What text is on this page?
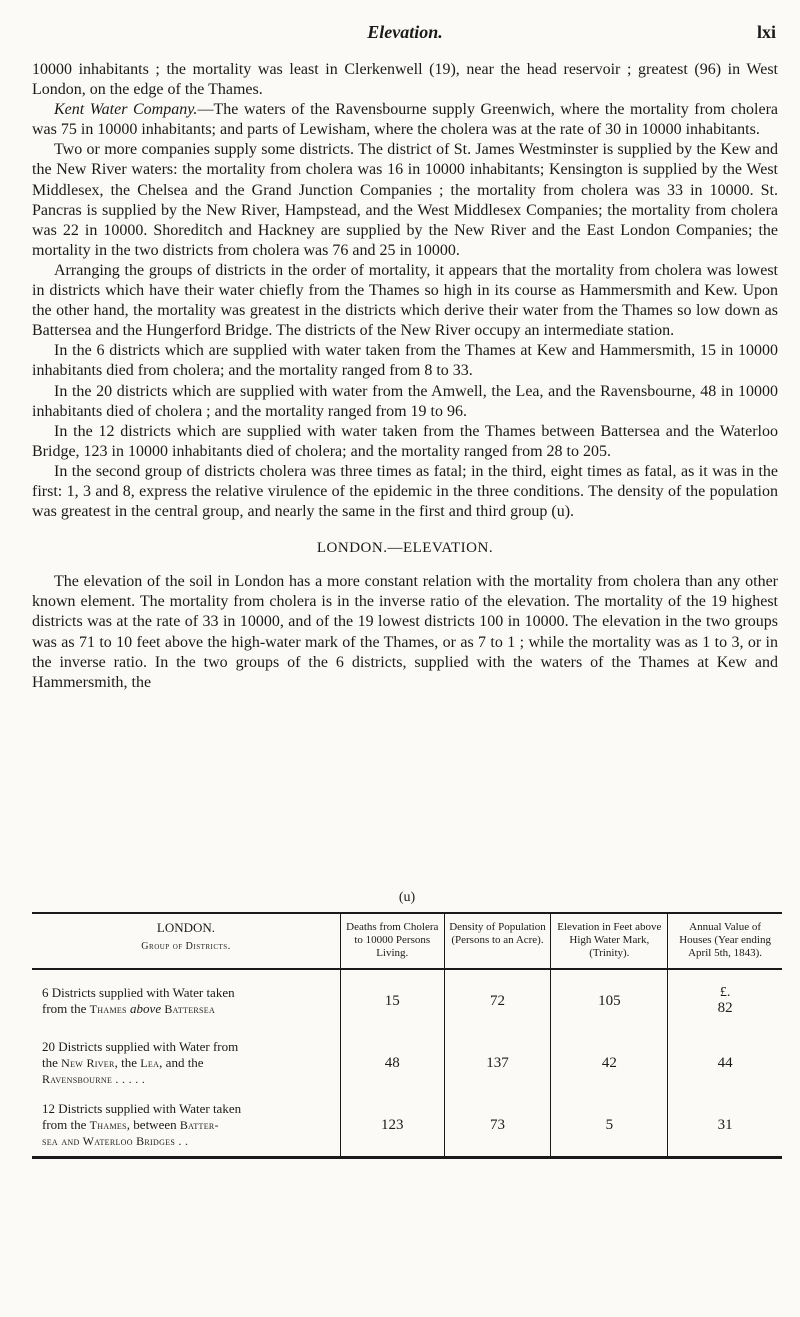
Elevation.	lxi

10000 inhabitants ; the mortality was least in Clerkenwell (19), near the head reservoir ; greatest (96) in West London, on the edge of the Thames.

Kent Water Company.—The waters of the Ravensbourne supply Greenwich, where the mortality from cholera was 75 in 10000 inhabitants; and parts of Lewisham, where the cholera was at the rate of 30 in 10000 inhabitants.

Two or more companies supply some districts. The district of St. James Westminster is supplied by the Kew and the New River waters: the mortality from cholera was 16 in 10000 inhabitants; Kensington is supplied by the West Middlesex, the Chelsea and the Grand Junction Companies ; the mortality from cholera was 33 in 10000. St. Pancras is supplied by the New River, Hampstead, and the West Middlesex Companies; the mortality from cholera was 22 in 10000. Shoreditch and Hackney are supplied by the New River and the East London Companies; the mortality in the two districts from cholera was 76 and 25 in 10000.

Arranging the groups of districts in the order of mortality, it appears that the mortality from cholera was lowest in districts which have their water chiefly from the Thames so high in its course as Hammersmith and Kew. Upon the other hand, the mortality was greatest in the districts which derive their water from the Thames so low down as Battersea and the Hungerford Bridge. The districts of the New River occupy an intermediate station.

In the 6 districts which are supplied with water taken from the Thames at Kew and Hammersmith, 15 in 10000 inhabitants died from cholera; and the mortality ranged from 8 to 33.

In the 20 districts which are supplied with water from the Amwell, the Lea, and the Ravensbourne, 48 in 10000 inhabitants died of cholera ; and the mortality ranged from 19 to 96.

In the 12 districts which are supplied with water taken from the Thames between Battersea and the Waterloo Bridge, 123 in 10000 inhabitants died of cholera; and the mortality ranged from 28 to 205.

In the second group of districts cholera was three times as fatal; in the third, eight times as fatal, as it was in the first: 1, 3 and 8, express the relative virulence of the epidemic in the three conditions. The density of the population was greatest in the central group, and nearly the same in the first and third group (u).

LONDON.—ELEVATION.

The elevation of the soil in London has a more constant relation with the mortality from cholera than any other known element. The mortality from cholera is in the inverse ratio of the elevation. The mortality of the 19 highest districts was at the rate of 33 in 10000, and of the 19 lowest districts 100 in 10000. The elevation in the two groups was as 71 to 10 feet above the high-water mark of the Thames, or as 7 to 1 ; while the mortality was as 1 to 3, or in the inverse ratio. In the two groups of the 6 districts, supplied with the waters of the Thames at Kew and Hammersmith, the

(u)
LONDON.
Group of Districts.	Deaths from Cholera to 10000 Persons Living.	Density of Population (Persons to an Acre).	Elevation in Feet above High Water Mark, (Trinity).	Annual Value of Houses (Year ending April 5th, 1843).
6 Districts supplied with Water taken
from the Thames above Battersea	15	72	105	£.
82
20 Districts supplied with Water from
the New River, the Lea, and the
Ravensbourne . . . . .	48	137	42	44
12 Districts supplied with Water taken
from the Thames, between Batter-
sea and Waterloo Bridges . .	123	73	5	31
